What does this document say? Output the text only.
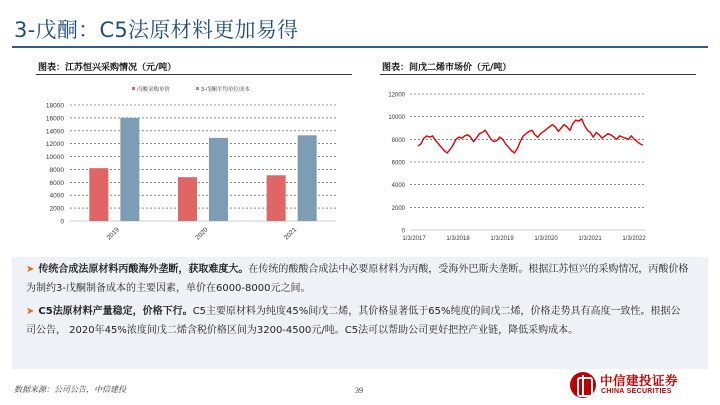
3-戊酮：C5法原材料更加易得
图表：江苏恒兴采购情况（元/吨）	图表：间戊二烯市场价（元/吨）
0
2000
4000
6000
8000
10000
12000
14000
16000
18000
2019	2020	2021
丙酸采购单价	3-戊酮平均单位成本
0
2000
4000
6000
8000
10000
12000
1/3/2017	1/3/2018	1/3/2019	1/3/2020	1/3/2021	1/3/2022
➤ 传统合成法原材料丙酸海外垄断，获取难度大。在传统的酸酸合成法中必要原材料为丙酸，受海外巴斯夫垄断。根据江苏恒兴的采购情况，丙酸价格为制约3-戊酮制备成本的主要因素，单价在6000-8000元之间。
➤ C5法原材料产量稳定，价格下行。C5主要原材料为纯度45%间戊二烯，其价格显著低于65%纯度的间戊二烯，价格走势具有高度一致性。根据公司公告， 2020年45%浓度间戊二烯含税价格区间为3200-4500元/吨。C5法可以帮助公司更好把控产业链，降低采购成本。
数据来源：公司公告，中信建投	39
中信建投证券
CHINA SECURITIES
